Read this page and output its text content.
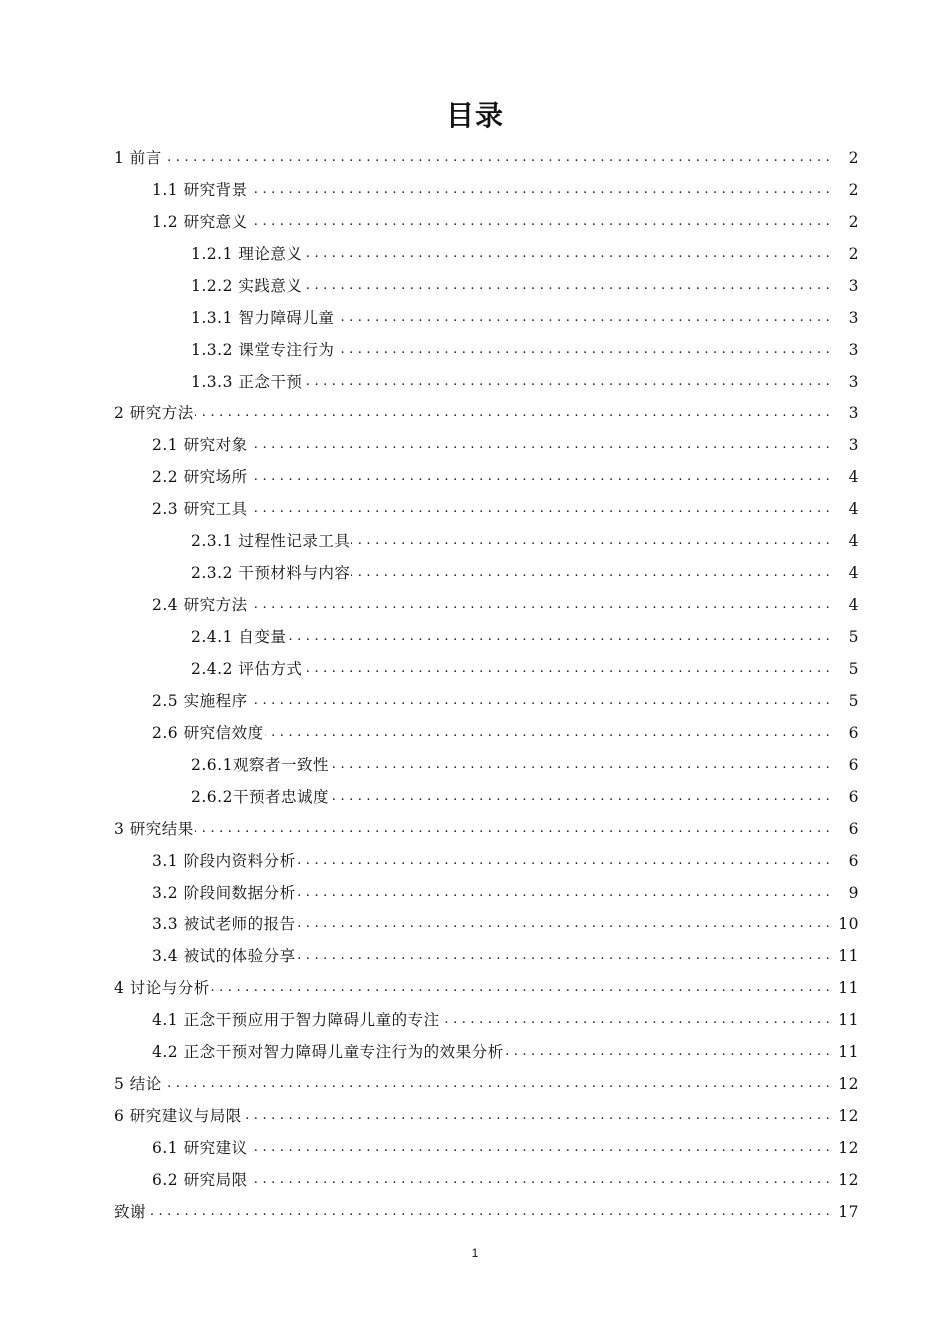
目录
1 前言 . . .	2
1.1 研究背景 . . .	2
1.2 研究意义 . . .	2
1.2.1 理论意义 . . .	2
1.2.2 实践意义 . . .	3
1.3.1 智力障碍儿童 . . .	3
1.3.2 课堂专注行为 . . .	3
1.3.3 正念干预 . . .	3
2 研究方法 . . .	3
2.1 研究对象 . . .	3
2.2 研究场所 . . .	4
2.3 研究工具 . . .	4
2.3.1 过程性记录工具 . . .	4
2.3.2 干预材料与内容 . . .	4
2.4 研究方法 . . .	4
2.4.1 自变量 . . .	5
2.4.2 评估方式 . . .	5
2.5 实施程序 . . .	5
2.6 研究信效度 . . .	6
2.6.1观察者一致性 . . .	6
2.6.2干预者忠诚度 . . .	6
3 研究结果 . . .	6
3.1 阶段内资料分析 . . .	6
3.2 阶段间数据分析 . . .	9
3.3 被试老师的报告 . . .	10
3.4 被试的体验分享 . . .	11
4 讨论与分析 . . .	11
4.1 正念干预应用于智力障碍儿童的专注 . . .	11
4.2 正念干预对智力障碍儿童专注行为的效果分析 . . .	11
5 结论 . . .	12
6 研究建议与局限 . . .	12
6.1 研究建议 . . .	12
6.2 研究局限 . . .	12
致谢 . . .	17
1
